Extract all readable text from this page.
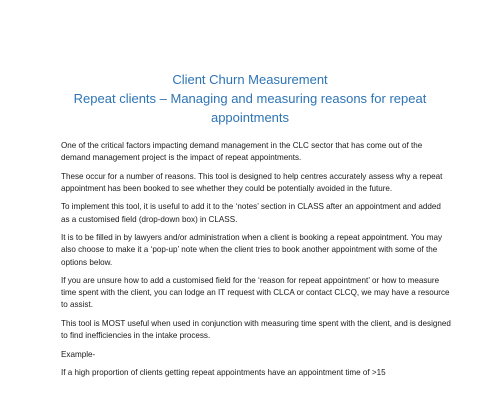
Client Churn Measurement
Repeat clients – Managing and measuring reasons for repeat appointments

One of the critical factors impacting demand management in the CLC sector that has come out of the demand management project is the impact of repeat appointments.

These occur for a number of reasons. This tool is designed to help centres accurately assess why a repeat appointment has been booked to see whether they could be potentially avoided in the future.

To implement this tool, it is useful to add it to the ‘notes’ section in CLASS after an appointment and added as a customised field (drop-down box) in CLASS.

It is to be filled in by lawyers and/or administration when a client is booking a repeat appointment. You may also choose to make it a ‘pop-up’ note when the client tries to book another appointment with some of the options below.

If you are unsure how to add a customised field for the ‘reason for repeat appointment’ or how to measure time spent with the client, you can lodge an IT request with CLCA or contact CLCQ, we may have a resource to assist.

This tool is MOST useful when used in conjunction with measuring time spent with the client, and is designed to find inefficiencies in the intake process.

Example-

If a high proportion of clients getting repeat appointments have an appointment time of >15
